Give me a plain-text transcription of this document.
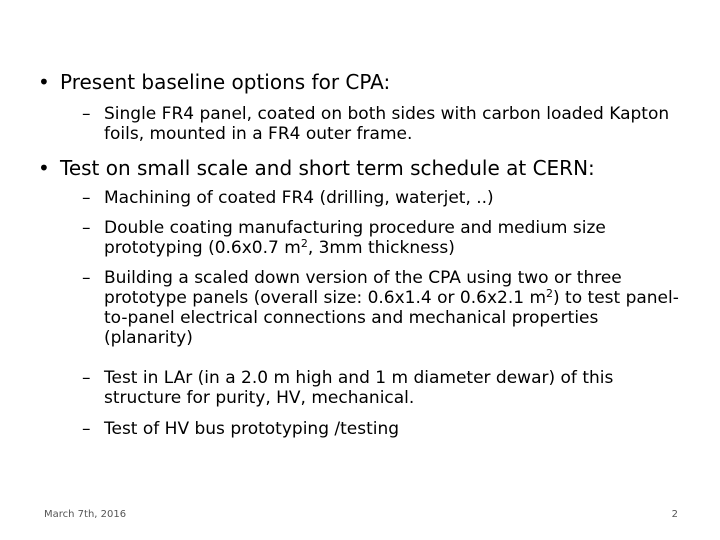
• Present baseline options for CPA:
– Single FR4 panel, coated on both sides with carbon loaded Kapton foils, mounted in a FR4 outer frame.
• Test on small scale and short term schedule at CERN:
– Machining of coated FR4 (drilling, waterjet, ..)
– Double coating manufacturing procedure and medium size prototyping (0.6x0.7 $m^2$, 3mm thickness)
– Building a scaled down version of the CPA using two or three prototype panels (overall size: 0.6x1.4 or 0.6x2.1 $m^2$) to test panel-to-panel electrical connections and mechanical properties (planarity)
– Test in LAr (in a 2.0 m high and 1 m diameter dewar) of this structure for purity, HV, mechanical.
– Test of HV bus prototyping /testing
March 7th, 2016	2
